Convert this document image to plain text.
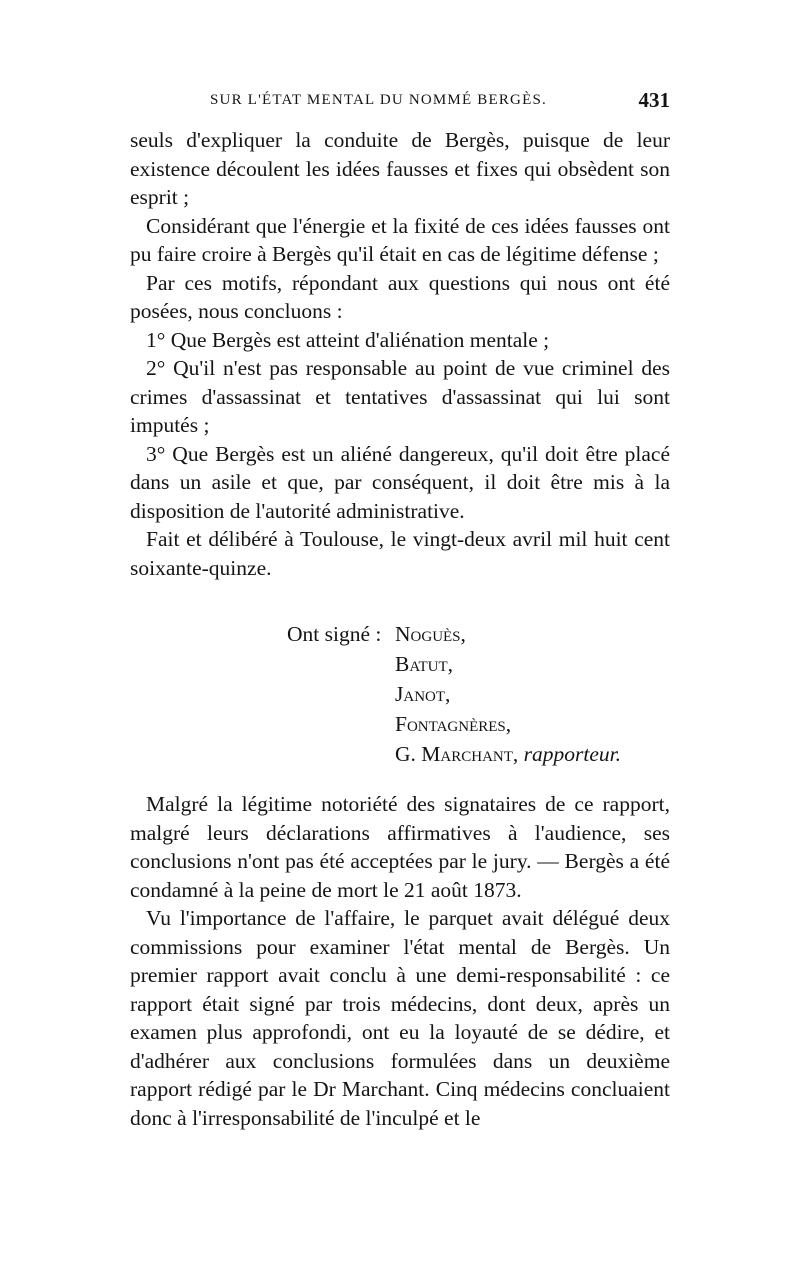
SUR L'ÉTAT MENTAL DU NOMMÉ BERGÈS.	431

seuls d'expliquer la conduite de Bergès, puisque de leur existence découlent les idées fausses et fixes qui obsèdent son esprit ;

Considérant que l'énergie et la fixité de ces idées fausses ont pu faire croire à Bergès qu'il était en cas de légitime défense ;

Par ces motifs, répondant aux questions qui nous ont été posées, nous concluons :

1° Que Bergès est atteint d'aliénation mentale ;

2° Qu'il n'est pas responsable au point de vue criminel des crimes d'assassinat et tentatives d'assassinat qui lui sont imputés ;

3° Que Bergès est un aliéné dangereux, qu'il doit être placé dans un asile et que, par conséquent, il doit être mis à la disposition de l'autorité administrative.

Fait et délibéré à Toulouse, le vingt-deux avril mil huit cent soixante-quinze.

Ont signé : Noguès,
Batut,
Janot,
Fontagnères,
G. Marchant, rapporteur.

Malgré la légitime notoriété des signataires de ce rapport, malgré leurs déclarations affirmatives à l'audience, ses conclusions n'ont pas été acceptées par le jury. — Bergès a été condamné à la peine de mort le 21 août 1873.

Vu l'importance de l'affaire, le parquet avait délégué deux commissions pour examiner l'état mental de Bergès. Un premier rapport avait conclu à une demi-responsabilité : ce rapport était signé par trois médecins, dont deux, après un examen plus approfondi, ont eu la loyauté de se dédire, et d'adhérer aux conclusions formulées dans un deuxième rapport rédigé par le Dr Marchant. Cinq médecins concluaient donc à l'irresponsabilité de l'inculpé et le
